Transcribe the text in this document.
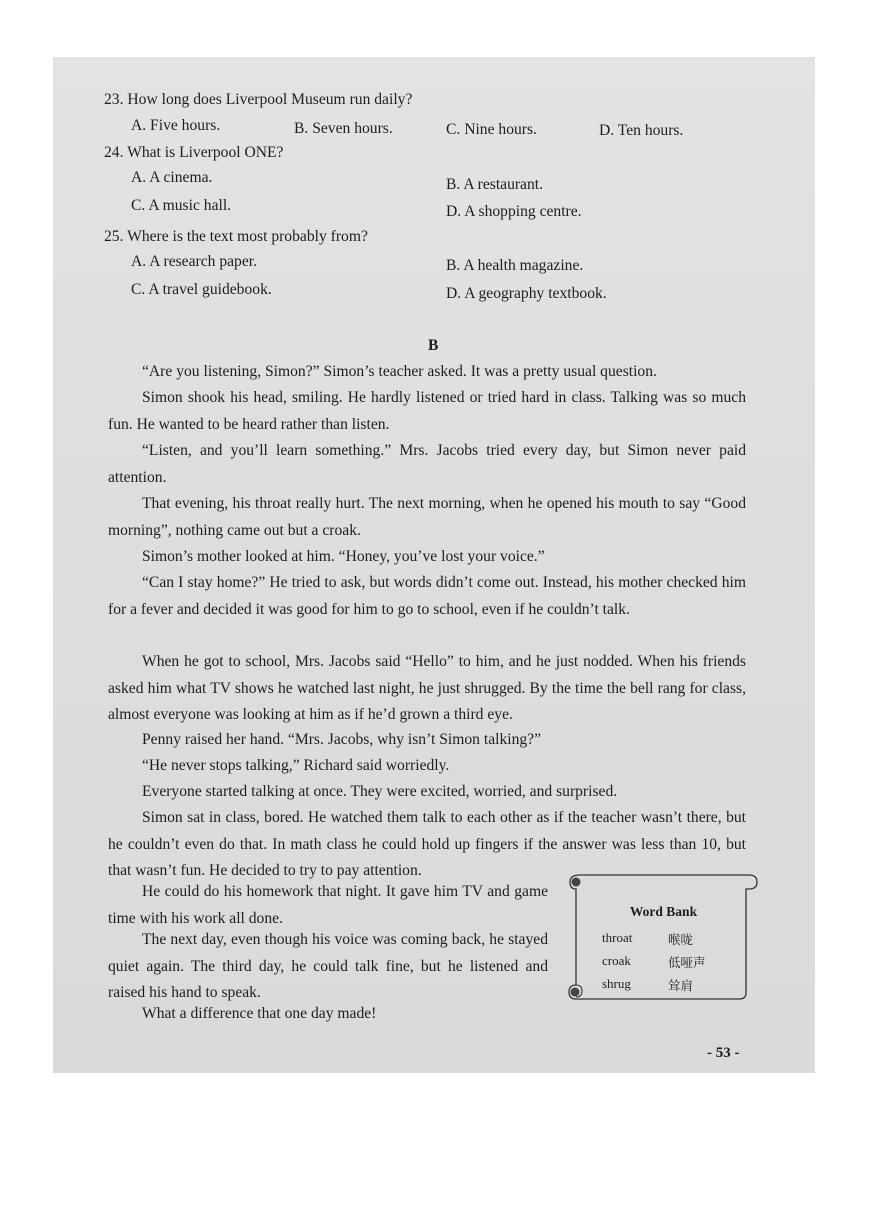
23. How long does Liverpool Museum run daily?
A. Five hours.	B. Seven hours.	C. Nine hours.	D. Ten hours.
24. What is Liverpool ONE?
A. A cinema.	B. A restaurant.
C. A music hall.	D. A shopping centre.
25. Where is the text most probably from?
A. A research paper.	B. A health magazine.
C. A travel guidebook.	D. A geography textbook.
B
“Are you listening, Simon?” Simon’s teacher asked. It was a pretty usual question.
Simon shook his head, smiling. He hardly listened or tried hard in class. Talking was so much fun. He wanted to be heard rather than listen.
“Listen, and you’ll learn something.” Mrs. Jacobs tried every day, but Simon never paid attention.
That evening, his throat really hurt. The next morning, when he opened his mouth to say “Good morning”, nothing came out but a croak.
Simon’s mother looked at him. “Honey, you’ve lost your voice.”
“Can I stay home?” He tried to ask, but words didn’t come out. Instead, his mother checked him for a fever and decided it was good for him to go to school, even if he couldn’t talk.
When he got to school, Mrs. Jacobs said “Hello” to him, and he just nodded. When his friends asked him what TV shows he watched last night, he just shrugged. By the time the bell rang for class, almost everyone was looking at him as if he’d grown a third eye.
Penny raised her hand. “Mrs. Jacobs, why isn’t Simon talking?”
“He never stops talking,” Richard said worriedly.
Everyone started talking at once. They were excited, worried, and surprised.
Simon sat in class, bored. He watched them talk to each other as if the teacher wasn’t there, but he couldn’t even do that. In math class he could hold up fingers if the answer was less than 10, but that wasn’t fun. He decided to try to pay attention.
He could do his homework that night. It gave him TV and game time with his work all done.
The next day, even though his voice was coming back, he stayed quiet again. The third day, he could talk fine, but he listened and raised his hand to speak.
What a difference that one day made!
Word Bank
throat	喉咙
croak	低哑声
shrug	耸肩
- 53 -
